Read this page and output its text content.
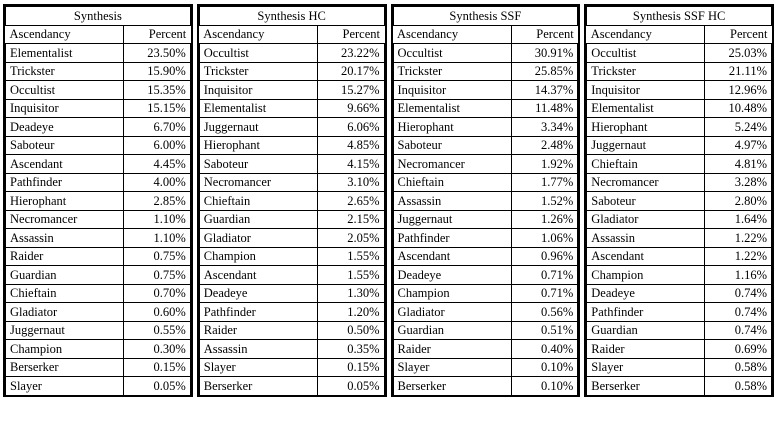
Synthesis	
Ascendancy	Percent
Elementalist	23.50%
Trickster	15.90%
Occultist	15.35%
Inquisitor	15.15%
Deadeye	6.70%
Saboteur	6.00%
Ascendant	4.45%
Pathfinder	4.00%
Hierophant	2.85%
Necromancer	1.10%
Assassin	1.10%
Raider	0.75%
Guardian	0.75%
Chieftain	0.70%
Gladiator	0.60%
Juggernaut	0.55%
Champion	0.30%
Berserker	0.15%
Slayer	0.05%
Synthesis HC	
Ascendancy	Percent
Occultist	23.22%
Trickster	20.17%
Inquisitor	15.27%
Elementalist	9.66%
Juggernaut	6.06%
Hierophant	4.85%
Saboteur	4.15%
Necromancer	3.10%
Chieftain	2.65%
Guardian	2.15%
Gladiator	2.05%
Champion	1.55%
Ascendant	1.55%
Deadeye	1.30%
Pathfinder	1.20%
Raider	0.50%
Assassin	0.35%
Slayer	0.15%
Berserker	0.05%
Synthesis SSF	
Ascendancy	Percent
Occultist	30.91%
Trickster	25.85%
Inquisitor	14.37%
Elementalist	11.48%
Hierophant	3.34%
Saboteur	2.48%
Necromancer	1.92%
Chieftain	1.77%
Assassin	1.52%
Juggernaut	1.26%
Pathfinder	1.06%
Ascendant	0.96%
Deadeye	0.71%
Champion	0.71%
Gladiator	0.56%
Guardian	0.51%
Raider	0.40%
Slayer	0.10%
Berserker	0.10%
Synthesis SSF HC	
Ascendancy	Percent
Occultist	25.03%
Trickster	21.11%
Inquisitor	12.96%
Elementalist	10.48%
Hierophant	5.24%
Juggernaut	4.97%
Chieftain	4.81%
Necromancer	3.28%
Saboteur	2.80%
Gladiator	1.64%
Assassin	1.22%
Ascendant	1.22%
Champion	1.16%
Deadeye	0.74%
Pathfinder	0.74%
Guardian	0.74%
Raider	0.69%
Slayer	0.58%
Berserker	0.58%
